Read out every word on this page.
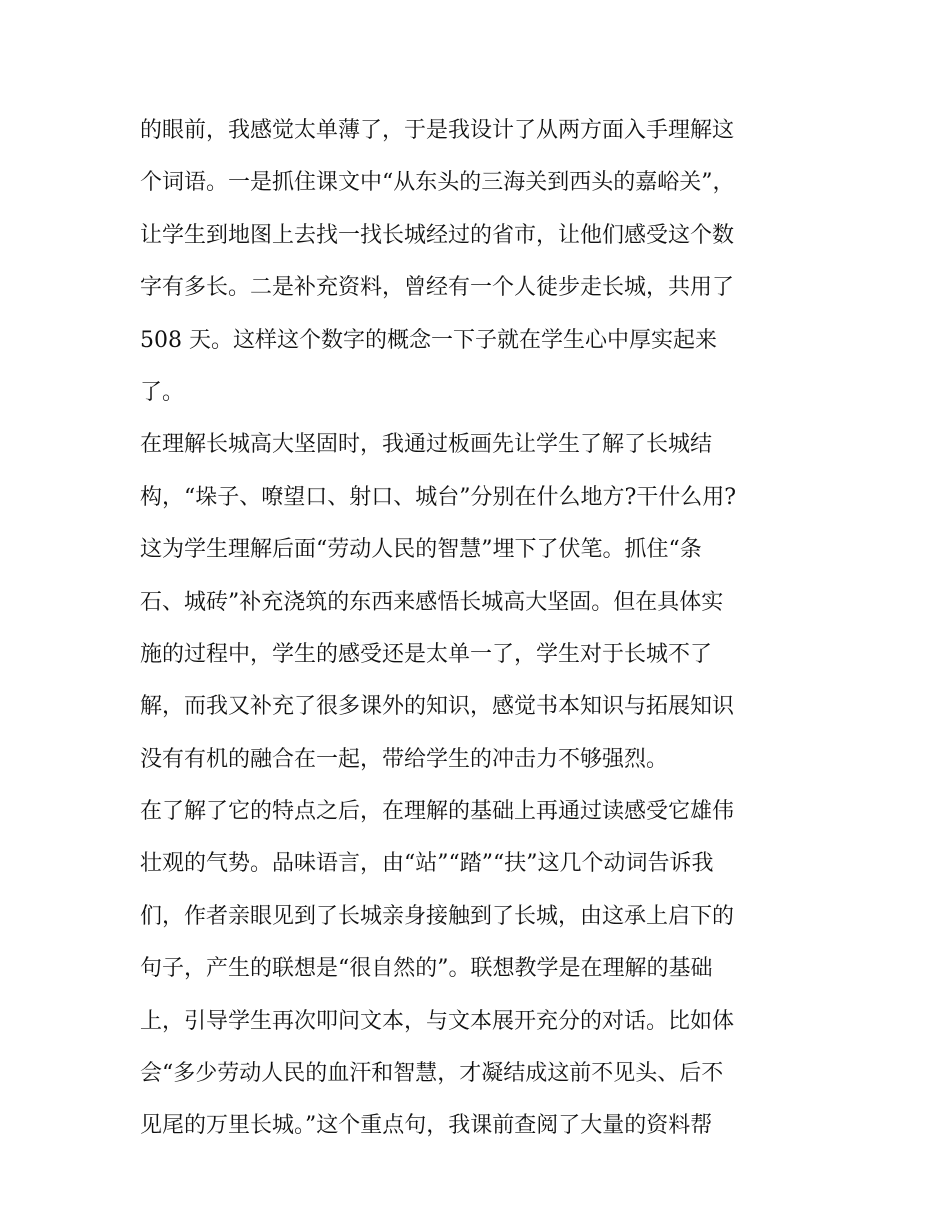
的眼前，我感觉太单薄了，于是我设计了从两方面入手理解这
个词语。一是抓住课文中“从东头的三海关到西头的嘉峪关”，
让学生到地图上去找一找长城经过的省市，让他们感受这个数
字有多长。二是补充资料，曾经有一个人徒步走长城，共用了
508 天。这样这个数字的概念一下子就在学生心中厚实起来
了。
在理解长城高大坚固时，我通过板画先让学生了解了长城结
构，“垛子、嘹望口、射口、城台”分别在什么地方?干什么用?
这为学生理解后面“劳动人民的智慧”埋下了伏笔。抓住“条
石、城砖”补充浇筑的东西来感悟长城高大坚固。但在具体实
施的过程中，学生的感受还是太单一了，学生对于长城不了
解，而我又补充了很多课外的知识，感觉书本知识与拓展知识
没有有机的融合在一起，带给学生的冲击力不够强烈。
在了解了它的特点之后，在理解的基础上再通过读感受它雄伟
壮观的气势。品味语言，由“站”“踏”“扶”这几个动词告诉我
们，作者亲眼见到了长城亲身接触到了长城，由这承上启下的
句子，产生的联想是“很自然的”。联想教学是在理解的基础
上，引导学生再次叩问文本，与文本展开充分的对话。比如体
会“多少劳动人民的血汗和智慧，才凝结成这前不见头、后不
见尾的万里长城。”这个重点句，我课前查阅了大量的资料帮
